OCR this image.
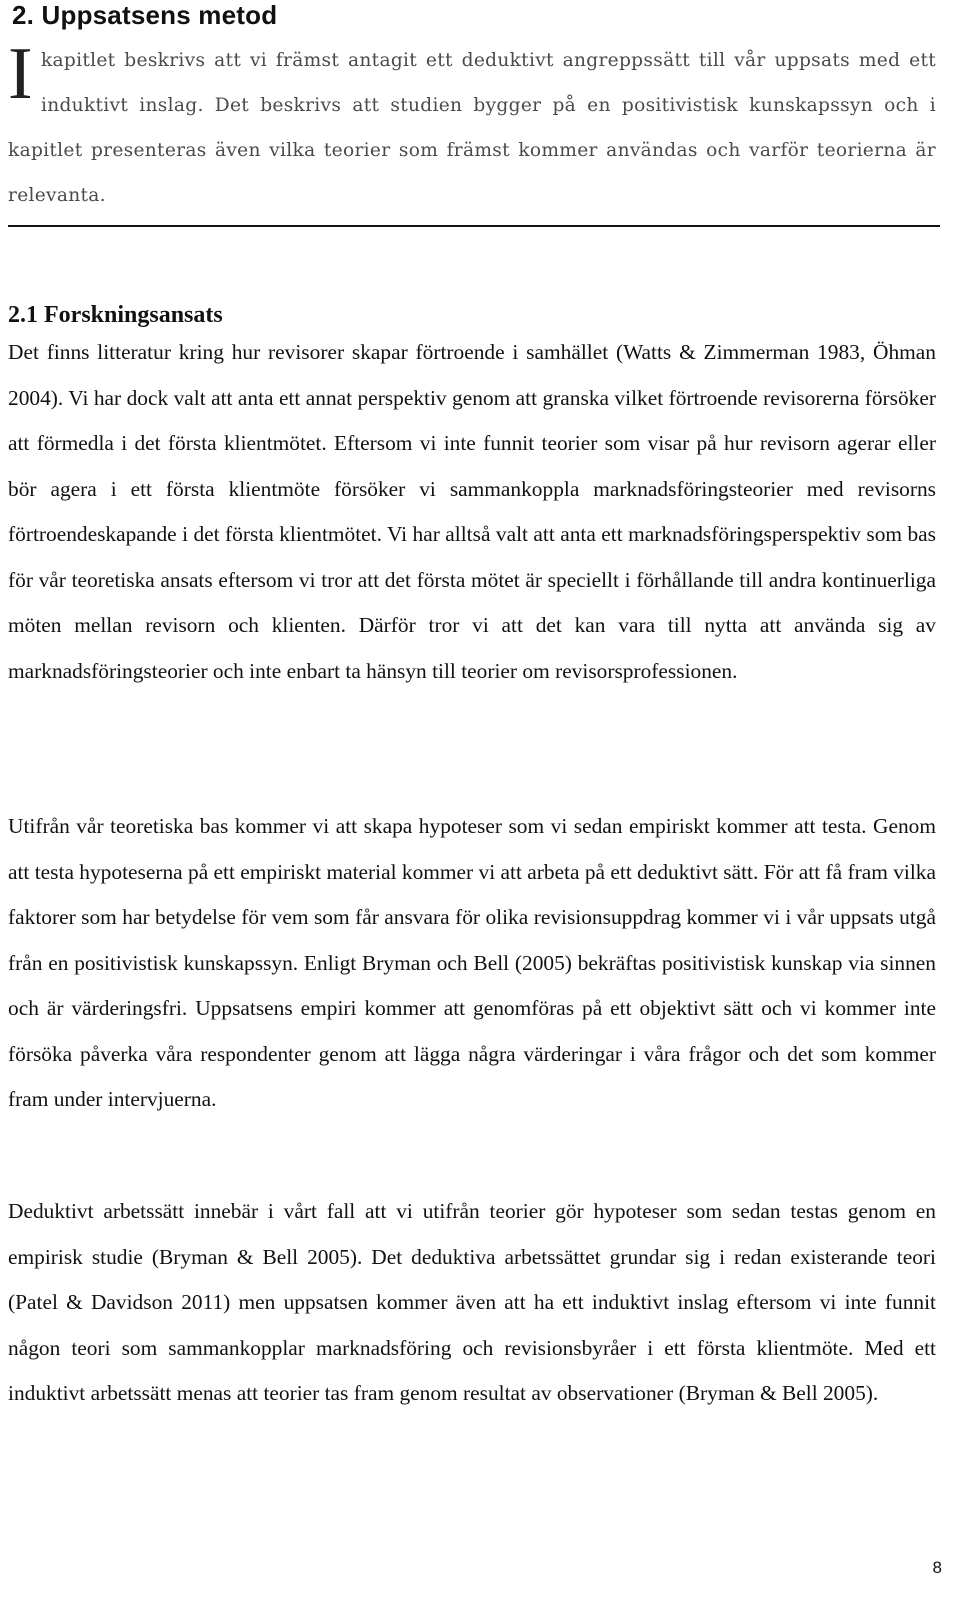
2. Uppsatsens metod
Ikapitlet beskrivs att vi främst antagit ett deduktivt angreppssätt till vår uppsats med ett induktivt inslag. Det beskrivs att studien bygger på en positivistisk kunskapssyn och i kapitlet presenteras även vilka teorier som främst kommer användas och varför teorierna är relevanta.
2.1 Forskningsansats

Det finns litteratur kring hur revisorer skapar förtroende i samhället (Watts & Zimmerman 1983, Öhman 2004). Vi har dock valt att anta ett annat perspektiv genom att granska vilket förtroende revisorerna försöker att förmedla i det första klientmötet. Eftersom vi inte funnit teorier som visar på hur revisorn agerar eller bör agera i ett första klientmöte försöker vi sammankoppla marknadsföringsteorier med revisorns förtroendeskapande i det första klientmötet. Vi har alltså valt att anta ett marknadsföringsperspektiv som bas för vår teoretiska ansats eftersom vi tror att det första mötet är speciellt i förhållande till andra kontinuerliga möten mellan revisorn och klienten. Därför tror vi att det kan vara till nytta att använda sig av marknadsföringsteorier och inte enbart ta hänsyn till teorier om revisorsprofessionen.

Utifrån vår teoretiska bas kommer vi att skapa hypoteser som vi sedan empiriskt kommer att testa. Genom att testa hypoteserna på ett empiriskt material kommer vi att arbeta på ett deduktivt sätt. För att få fram vilka faktorer som har betydelse för vem som får ansvara för olika revisionsuppdrag kommer vi i vår uppsats utgå från en positivistisk kunskapssyn. Enligt Bryman och Bell (2005) bekräftas positivistisk kunskap via sinnen och är värderingsfri. Uppsatsens empiri kommer att genomföras på ett objektivt sätt och vi kommer inte försöka påverka våra respondenter genom att lägga några värderingar i våra frågor och det som kommer fram under intervjuerna.

Deduktivt arbetssätt innebär i vårt fall att vi utifrån teorier gör hypoteser som sedan testas genom en empirisk studie (Bryman & Bell 2005). Det deduktiva arbetssättet grundar sig i redan existerande teori (Patel & Davidson 2011) men uppsatsen kommer även att ha ett induktivt inslag eftersom vi inte funnit någon teori som sammankopplar marknadsföring och revisionsbyråer i ett första klientmöte. Med ett induktivt arbetssätt menas att teorier tas fram genom resultat av observationer (Bryman & Bell 2005).

8
